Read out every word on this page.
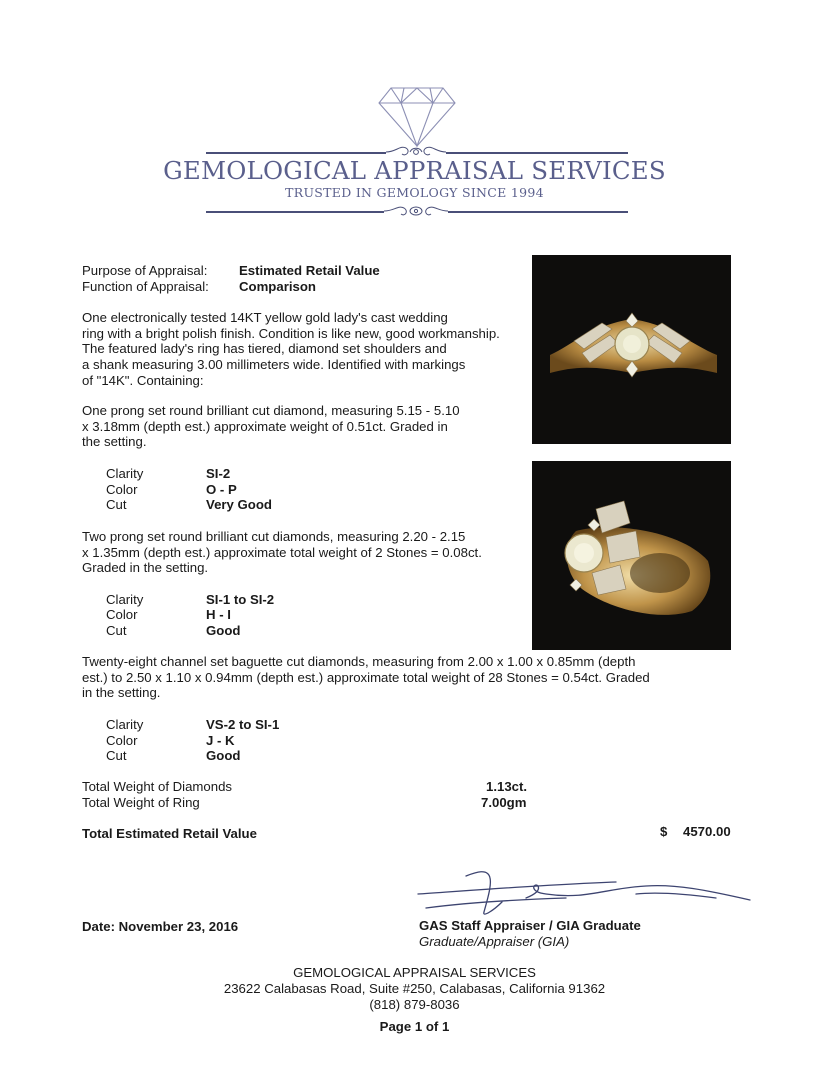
GEMOLOGICAL APPRAISAL SERVICES
TRUSTED IN GEMOLOGY SINCE 1994
Purpose of Appraisal: Estimated Retail Value
Function of Appraisal: Comparison
One electronically tested 14KT yellow gold lady's cast wedding
ring with a bright polish finish. Condition is like new, good workmanship.
The featured lady's ring has tiered, diamond set shoulders and
a shank measuring 3.00 millimeters wide. Identified with markings
of "14K". Containing:
One prong set round brilliant cut diamond, measuring 5.15 - 5.10
x 3.18mm (depth est.) approximate weight of 0.51ct. Graded in
the setting.
Clarity	SI-2
Color	O - P
Cut	Very Good
Two prong set round brilliant cut diamonds, measuring 2.20 - 2.15
x 1.35mm (depth est.) approximate total weight of 2 Stones = 0.08ct.
Graded in the setting.
Clarity	SI-1 to SI-2
Color	H - I
Cut	Good
Twenty-eight channel set baguette cut diamonds, measuring from 2.00 x 1.00 x 0.85mm (depth
est.) to 2.50 x 1.10 x 0.94mm (depth est.) approximate total weight of 28 Stones = 0.54ct. Graded
in the setting.
Clarity	VS-2 to SI-1
Color	J - K
Cut	Good
Total Weight of Diamonds	1.13ct.
Total Weight of Ring	7.00gm
Total Estimated Retail Value	$ 4570.00
Date: November 23, 2016	GAS Staff Appraiser / GIA Graduate
Graduate/Appraiser (GIA)
GEMOLOGICAL APPRAISAL SERVICES
23622 Calabasas Road, Suite #250, Calabasas, California 91362
(818) 879-8036
Page 1 of 1
